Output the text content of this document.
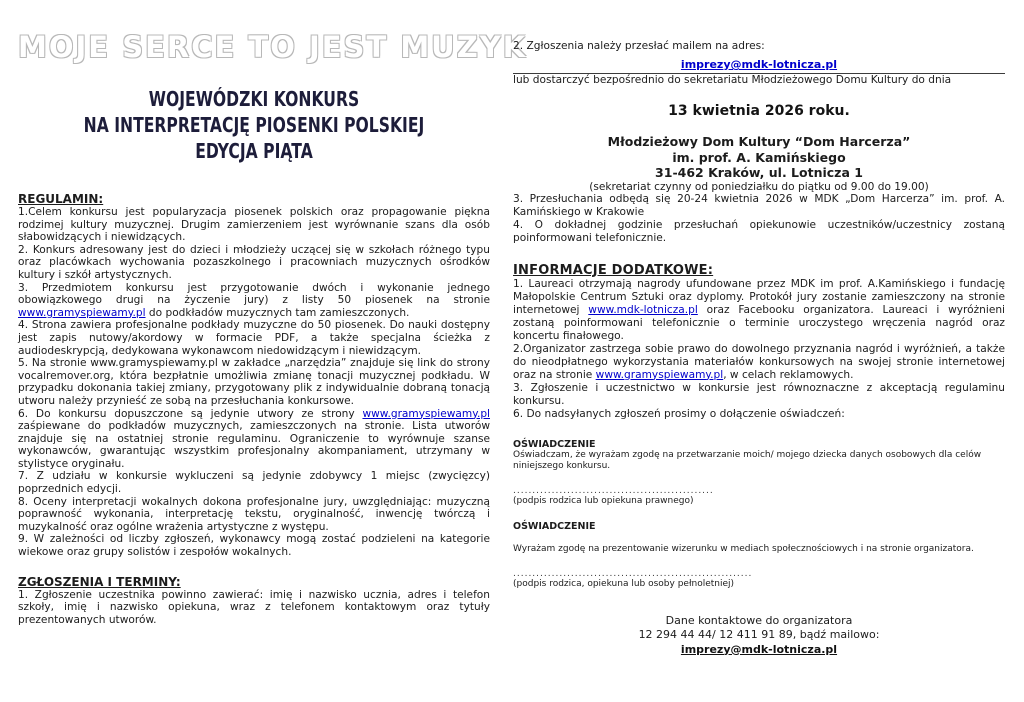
MOJE SERCE TO JEST MUZYK
WOJEWÓDZKI KONKURS
NA INTERPRETACJĘ PIOSENKI POLSKIEJ
EDYCJA PIĄTA
REGULAMIN:

1.Celem konkursu jest popularyzacja piosenek polskich oraz propagowanie piękna rodzimej kultury muzycznej. Drugim zamierzeniem jest wyrównanie szans dla osób słabowidzących i niewidzących.

2. Konkurs adresowany jest do dzieci i młodzieży uczącej się w szkołach różnego typu oraz placówkach wychowania pozaszkolnego i pracowniach muzycznych ośrodków kultury i szkół artystycznych.

3. Przedmiotem konkursu jest przygotowanie dwóch i wykonanie jednego obowiązkowego drugi na życzenie jury) z listy 50 piosenek na stronie www.gramyspiewamy.pl do podkładów muzycznych tam zamieszczonych.

4. Strona zawiera profesjonalne podkłady muzyczne do 50 piosenek. Do nauki dostępny jest zapis nutowy/akordowy w formacie PDF, a także specjalna ścieżka z audiodeskrypcją, dedykowana wykonawcom niedowidzącym i niewidzącym.

5. Na stronie www.gramyspiewamy.pl w zakładce „narzędzia” znajduje się link do strony vocalremover.org, która bezpłatnie umożliwia zmianę tonacji muzycznej podkładu. W przypadku dokonania takiej zmiany, przygotowany plik z indywidualnie dobraną tonacją utworu należy przynieść ze sobą na przesłuchania konkursowe.

6. Do konkursu dopuszczone są jedynie utwory ze strony www.gramyspiewamy.pl zaśpiewane do podkładów muzycznych, zamieszczonych na stronie. Lista utworów znajduje się na ostatniej stronie regulaminu. Ograniczenie to wyrównuje szanse wykonawców, gwarantując wszystkim profesjonalny akompaniament, utrzymany w stylistyce oryginału.

7. Z udziału w konkursie wykluczeni są jedynie zdobywcy 1 miejsc (zwycięzcy) poprzednich edycji.

8. Oceny interpretacji wokalnych dokona profesjonalne jury, uwzględniając: muzyczną poprawność wykonania, interpretację tekstu, oryginalność, inwencję twórczą i muzykalność oraz ogólne wrażenia artystyczne z występu.

9. W zależności od liczby zgłoszeń, wykonawcy mogą zostać podzieleni na kategorie wiekowe oraz grupy solistów i zespołów wokalnych.

ZGŁOSZENIA I TERMINY:

1. Zgłoszenie uczestnika powinno zawierać: imię i nazwisko ucznia, adres i telefon szkoły, imię i nazwisko opiekuna, wraz z telefonem kontaktowym oraz tytuły prezentowanych utworów.

2. Zgłoszenia należy przesłać mailem na adres:

imprezy@mdk-lotnicza.pl

lub dostarczyć bezpośrednio do sekretariatu Młodzieżowego Domu Kultury do dnia

13 kwietnia 2026 roku.
Młodzieżowy Dom Kultury “Dom Harcerza”
im. prof. A. Kamińskiego
31-462 Kraków, ul. Lotnicza 1
(sekretariat czynny od poniedziałku do piątku od 9.00 do 19.00)

3. Przesłuchania odbędą się 20-24 kwietnia 2026 w MDK „Dom Harcerza” im. prof. A. Kamińskiego w Krakowie

4. O dokładnej godzinie przesłuchań opiekunowie uczestników/uczestnicy zostaną poinformowani telefonicznie.

INFORMACJE DODATKOWE:

1. Laureaci otrzymają nagrody ufundowane przez MDK im prof. A.Kamińskiego i fundację Małopolskie Centrum Sztuki oraz dyplomy. Protokół jury zostanie zamieszczony na stronie internetowej www.mdk-lotnicza.pl oraz Facebooku organizatora. Laureaci i wyróżnieni zostaną poinformowani telefonicznie o terminie uroczystego wręczenia nagród oraz koncertu finałowego.

2.Organizator zastrzega sobie prawo do dowolnego przyznania nagród i wyróżnień, a także do nieodpłatnego wykorzystania materiałów konkursowych na swojej stronie internetowej oraz na stronie www.gramyspiewamy.pl, w celach reklamowych.

3. Zgłoszenie i uczestnictwo w konkursie jest równoznaczne z akceptacją regulaminu konkursu.

6. Do nadsyłanych zgłoszeń prosimy o dołączenie oświadczeń:

OŚWIADCZENIE
Oświadczam, że wyrażam zgodę na przetwarzanie moich/ mojego dziecka danych osobowych dla celów niniejszego konkursu.
....................................................
(podpis rodzica lub opiekuna prawnego)
OŚWIADCZENIE
Wyrażam zgodę na prezentowanie wizerunku w mediach społecznościowych i na stronie organizatora.
..............................................................
(podpis rodzica, opiekuna lub osoby pełnoletniej)
Dane kontaktowe do organizatora
12 294 44 44/ 12 411 91 89, bądź mailowo:
imprezy@mdk-lotnicza.pl
